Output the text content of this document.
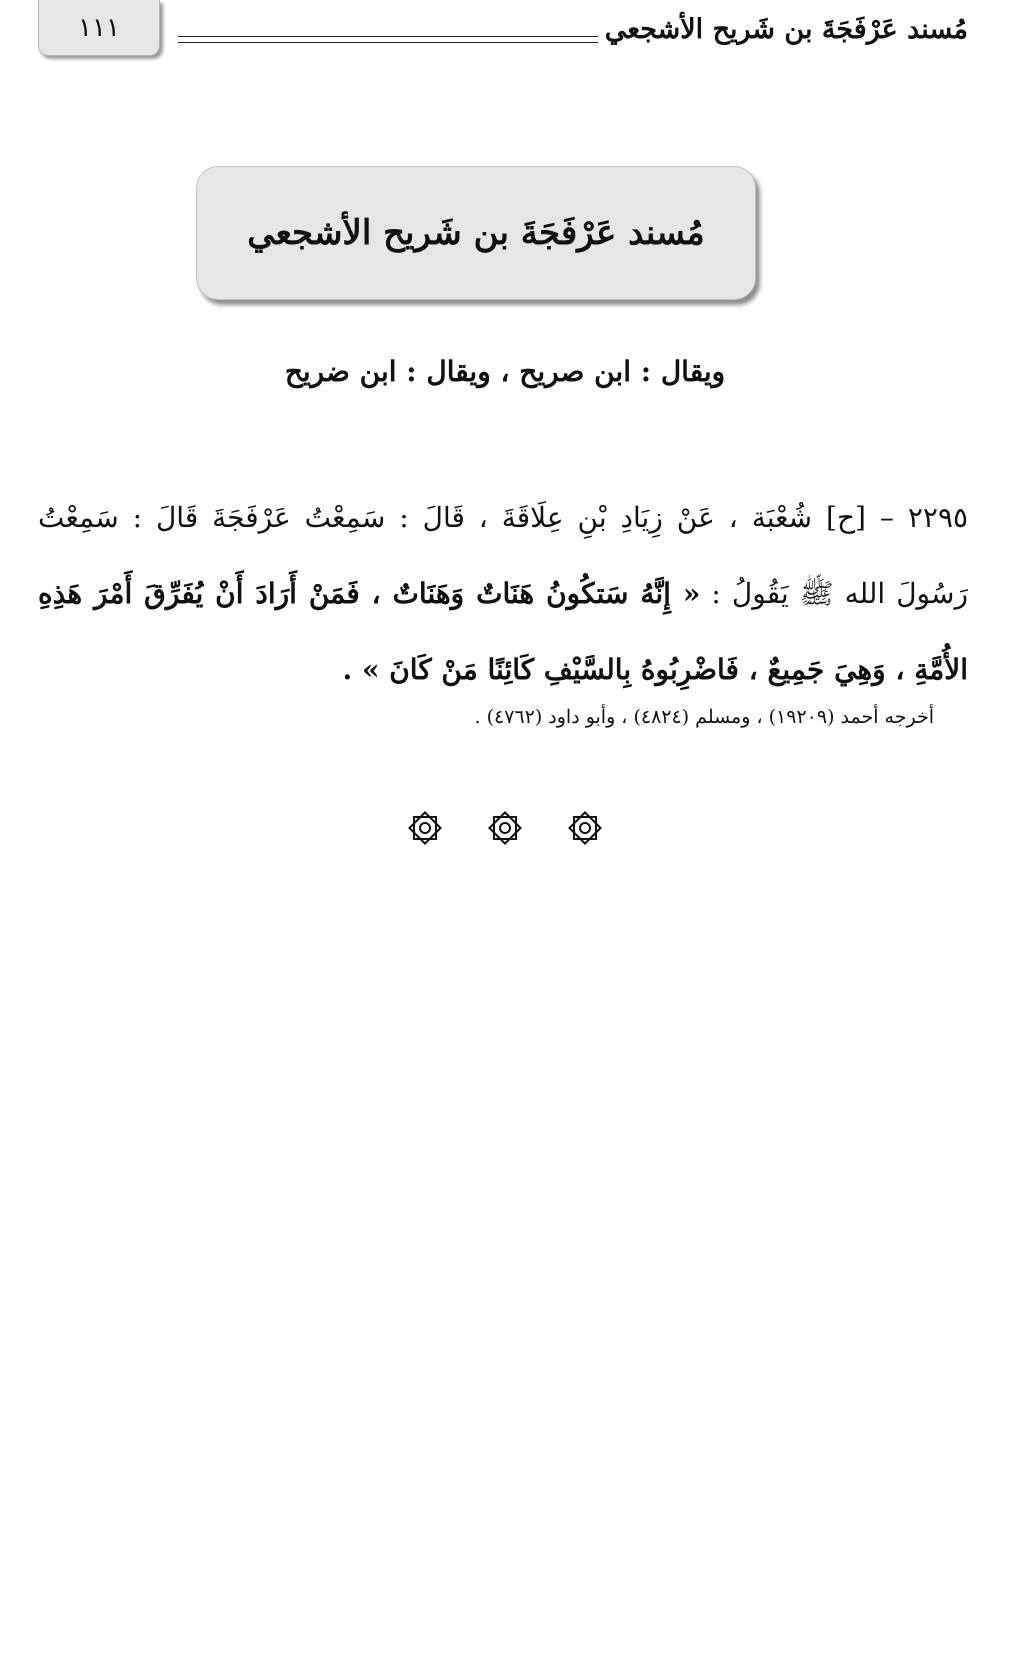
١١١	مُسند عَرْفَجَةَ بن شَريح الأشجعي
مُسند عَرْفَجَةَ بن شَريح الأشجعي
ويقال : ابن صريح ، ويقال : ابن ضريح
٢٢٩٥ – [ح] شُعْبَة ، عَنْ زِيَادِ بْنِ عِلَاقَةَ ، قَالَ : سَمِعْتُ عَرْفَجَةَ قَالَ : سَمِعْتُ رَسُولَ الله ﷺ يَقُولُ : « إِنَّهُ سَتكُونُ هَنَاتٌ وَهَنَاتٌ ، فَمَنْ أَرَادَ أَنْ يُفَرِّقَ أَمْرَ هَذِهِ الأُمَّةِ ، وَهِيَ جَمِيعٌ ، فَاضْرِبُوهُ بِالسَّيْفِ كَائِنًا مَنْ كَانَ » .
أخرجه أحمد (١٩٢٠٩) ، ومسلم (٤٨٢٤) ، وأبو داود (٤٧٦٢) .
